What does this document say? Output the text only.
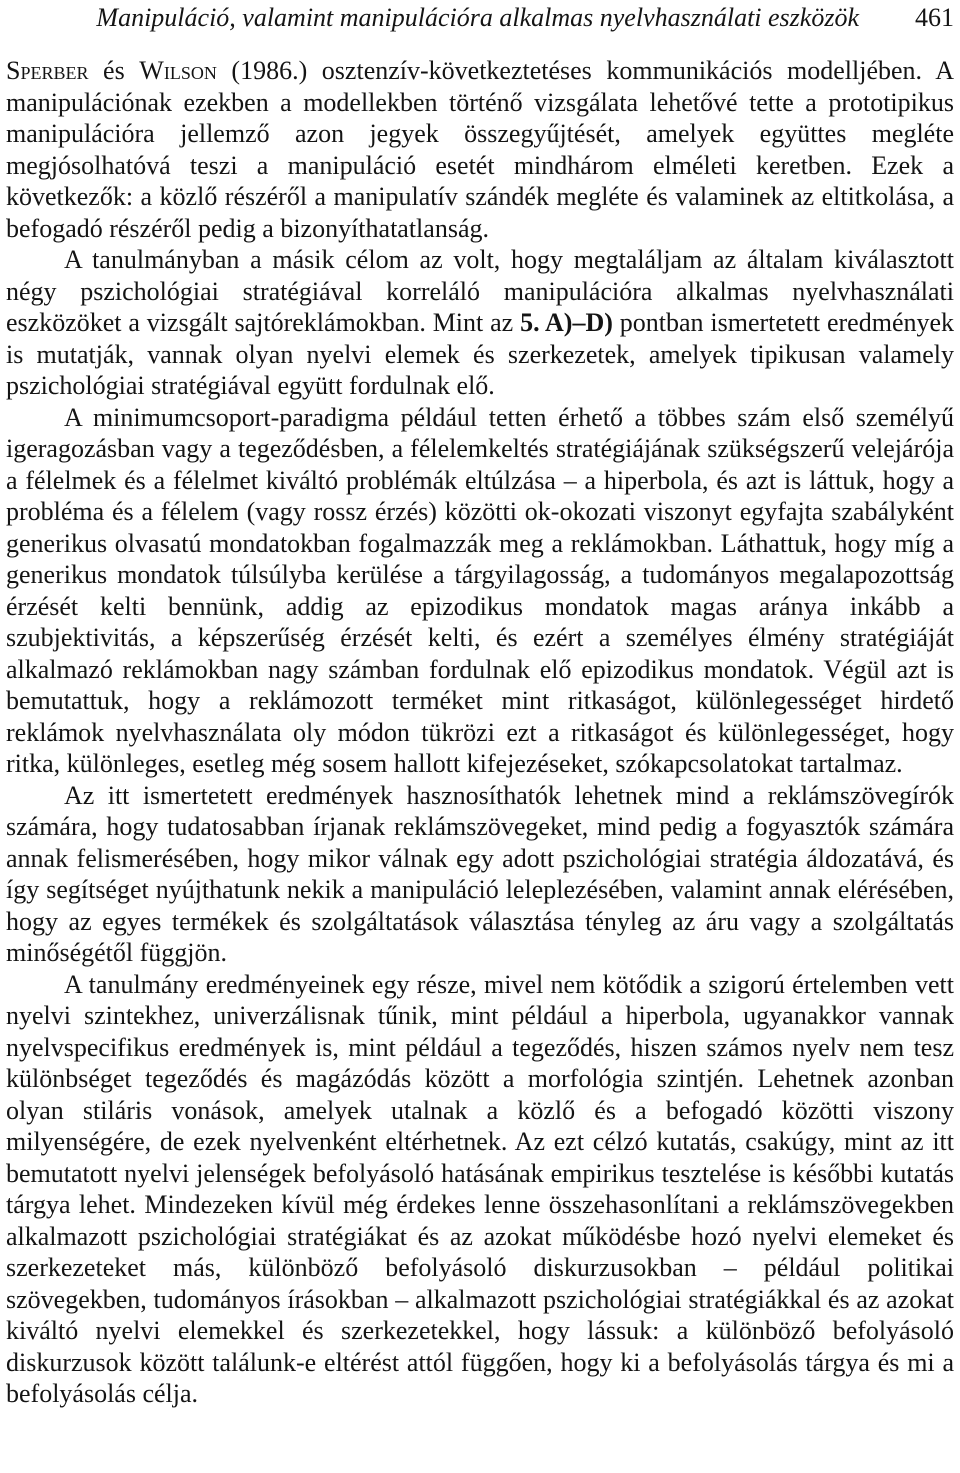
Manipuláció, valamint manipulációra alkalmas nyelvhasználati eszközök 461

Sperber és Wilson (1986.) osztenzív-következtetéses kommunikációs modelljében. A manipulációnak ezekben a modellekben történő vizsgálata lehetővé tette a prototipikus manipulációra jellemző azon jegyek összegyűjtését, amelyek együttes megléte megjósolhatóvá teszi a manipuláció esetét mindhárom elméleti keretben. Ezek a következők: a közlő részéről a manipulatív szándék megléte és valaminek az eltitkolása, a befogadó részéről pedig a bizonyíthatatlanság.

A tanulmányban a másik célom az volt, hogy megtaláljam az általam kiválasztott négy pszichológiai stratégiával korreláló manipulációra alkalmas nyelvhasználati eszközöket a vizsgált sajtóreklámokban. Mint az 5. A)–D) pontban ismertetett eredmények is mutatják, vannak olyan nyelvi elemek és szerkezetek, amelyek tipikusan valamely pszichológiai stratégiával együtt fordulnak elő.

A minimumcsoport-paradigma például tetten érhető a többes szám első személyű igeragozásban vagy a tegeződésben, a félelemkeltés stratégiájának szükségszerű velejárója a félelmek és a félelmet kiváltó problémák eltúlzása – a hiperbola, és azt is láttuk, hogy a probléma és a félelem (vagy rossz érzés) közötti ok-okozati viszonyt egyfajta szabályként generikus olvasatú mondatokban fogalmazzák meg a reklámokban. Láthattuk, hogy míg a generikus mondatok túlsúlyba kerülése a tárgyilagosság, a tudományos megalapozottság érzését kelti bennünk, addig az epizodikus mondatok magas aránya inkább a szubjektivitás, a képszerűség érzését kelti, és ezért a személyes élmény stratégiáját alkalmazó reklámokban nagy számban fordulnak elő epizodikus mondatok. Végül azt is bemutattuk, hogy a reklámozott terméket mint ritkaságot, különlegességet hirdető reklámok nyelvhasználata oly módon tükrözi ezt a ritkaságot és különlegességet, hogy ritka, különleges, esetleg még sosem hallott kifejezéseket, szókapcsolatokat tartalmaz.

Az itt ismertetett eredmények hasznosíthatók lehetnek mind a reklámszövegírók számára, hogy tudatosabban írjanak reklámszövegeket, mind pedig a fogyasztók számára annak felismerésében, hogy mikor válnak egy adott pszichológiai stratégia áldozatává, és így segítséget nyújthatunk nekik a manipuláció leleplezésében, valamint annak elérésében, hogy az egyes termékek és szolgáltatások választása tényleg az áru vagy a szolgáltatás minőségétől függjön.

A tanulmány eredményeinek egy része, mivel nem kötődik a szigorú értelemben vett nyelvi szintekhez, univerzálisnak tűnik, mint például a hiperbola, ugyanakkor vannak nyelvspecifikus eredmények is, mint például a tegeződés, hiszen számos nyelv nem tesz különbséget tegeződés és magázódás között a morfológia szintjén. Lehetnek azonban olyan stiláris vonások, amelyek utalnak a közlő és a befogadó közötti viszony milyenségére, de ezek nyelvenként eltérhetnek. Az ezt célzó kutatás, csakúgy, mint az itt bemutatott nyelvi jelenségek befolyásoló hatásának empirikus tesztelése is későbbi kutatás tárgya lehet. Mindezeken kívül még érdekes lenne összehasonlítani a reklámszövegekben alkalmazott pszichológiai stratégiákat és az azokat működésbe hozó nyelvi elemeket és szerkezeteket más, különböző befolyásoló diskurzusokban – például politikai szövegekben, tudományos írásokban – alkalmazott pszichológiai stratégiákkal és az azokat kiváltó nyelvi elemekkel és szerkezetekkel, hogy lássuk: a különböző befolyásoló diskurzusok között találunk-e eltérést attól függően, hogy ki a befolyásolás tárgya és mi a befolyásolás célja.
